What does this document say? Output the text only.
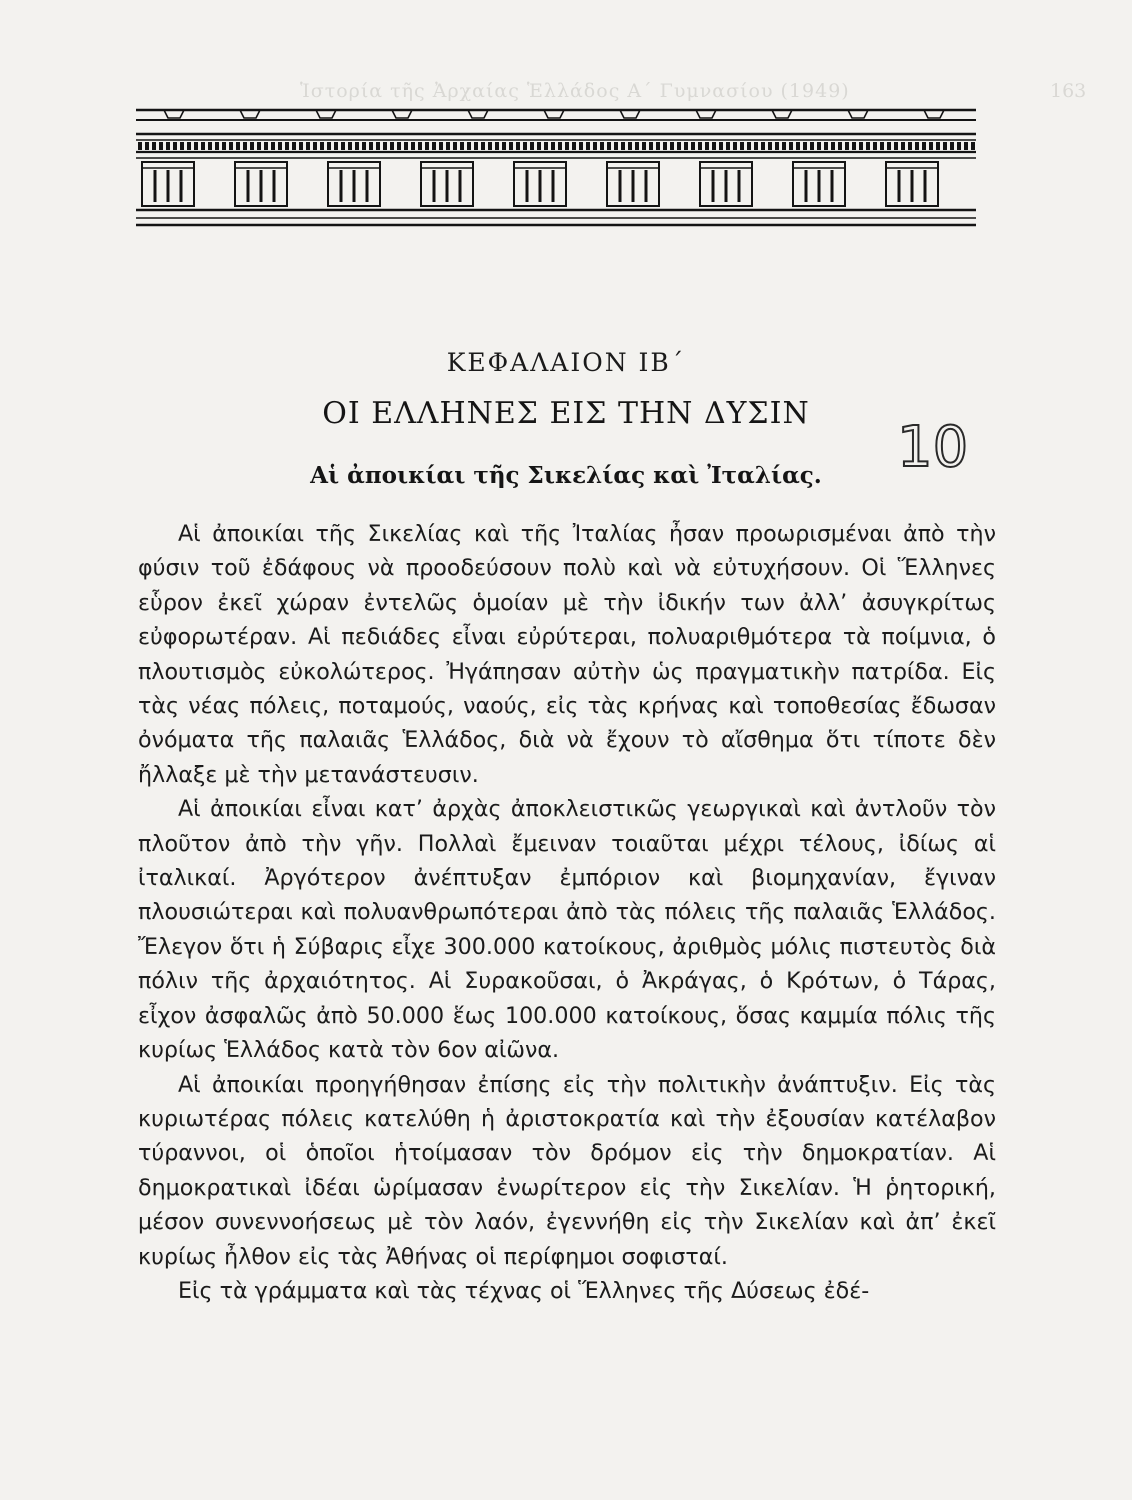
Ἱστορία τῆς Ἀρχαίας Ἑλλάδος Α΄ Γυμνασίου (1949)	163
ΚΕΦΑΛΑΙΟΝ ΙΒ΄
ΟΙ ΕΛΛΗΝΕΣ ΕΙΣ ΤΗΝ ΔΥΣΙΝ
Αἱ ἀποικίαι τῆς Σικελίας καὶ Ἰταλίας.	10

Αἱ ἀποικίαι τῆς Σικελίας καὶ τῆς Ἰταλίας ἦσαν προωρισμέναι ἀπὸ τὴν φύσιν τοῦ ἐδάφους νὰ προοδεύσουν πολὺ καὶ νὰ εὐτυχήσουν. Οἱ Ἕλληνες εὗρον ἐκεῖ χώραν ἐντελῶς ὁμοίαν μὲ τὴν ἰδικήν των ἀλλ’ ἀσυγκρίτως εὐφορωτέραν. Αἱ πεδιάδες εἶναι εὐρύτεραι, πολυαριθμότερα τὰ ποίμνια, ὁ πλουτισμὸς εὐκολώτερος. Ἠγάπησαν αὐτὴν ὡς πραγματικὴν πατρίδα. Εἰς τὰς νέας πόλεις, ποταμούς, ναούς, εἰς τὰς κρήνας καὶ τοποθεσίας ἔδωσαν ὀνόματα τῆς παλαιᾶς Ἑλλάδος, διὰ νὰ ἔχουν τὸ αἴσθημα ὅτι τίποτε δὲν ἤλλαξε μὲ τὴν μετανάστευσιν.

Αἱ ἀποικίαι εἶναι κατ’ ἀρχὰς ἀποκλειστικῶς γεωργικαὶ καὶ ἀντλοῦν τὸν πλοῦτον ἀπὸ τὴν γῆν. Πολλαὶ ἔμειναν τοιαῦται μέχρι τέλους, ἰδίως αἱ ἰταλικαί. Ἀργότερον ἀνέπτυξαν ἐμπόριον καὶ βιομηχανίαν, ἔγιναν πλουσιώτεραι καὶ πολυανθρωπότεραι ἀπὸ τὰς πόλεις τῆς παλαιᾶς Ἑλλάδος. Ἔλεγον ὅτι ἡ Σύβαρις εἶχε 300.000 κατοίκους, ἀριθμὸς μόλις πιστευτὸς διὰ πόλιν τῆς ἀρχαιότητος. Αἱ Συρακοῦσαι, ὁ Ἀκράγας, ὁ Κρότων, ὁ Τάρας, εἶχον ἀσφαλῶς ἀπὸ 50.000 ἕως 100.000 κατοίκους, ὅσας καμμία πόλις τῆς κυρίως Ἑλλάδος κατὰ τὸν 6ον αἰῶνα.

Αἱ ἀποικίαι προηγήθησαν ἐπίσης εἰς τὴν πολιτικὴν ἀνάπτυξιν. Εἰς τὰς κυριωτέρας πόλεις κατελύθη ἡ ἀριστοκρατία καὶ τὴν ἐξουσίαν κατέλαβον τύραννοι, οἱ ὁποῖοι ἡτοίμασαν τὸν δρόμον εἰς τὴν δημοκρατίαν. Αἱ δημοκρατικαὶ ἰδέαι ὡρίμασαν ἐνωρίτερον εἰς τὴν Σικελίαν. Ἡ ῥητορική, μέσον συνεννοήσεως μὲ τὸν λαόν, ἐγεννήθη εἰς τὴν Σικελίαν καὶ ἀπ’ ἐκεῖ κυρίως ἦλθον εἰς τὰς Ἀθήνας οἱ περίφημοι σοφισταί.

Εἰς τὰ γράμματα καὶ τὰς τέχνας οἱ Ἕλληνες τῆς Δύσεως ἐδέ-
